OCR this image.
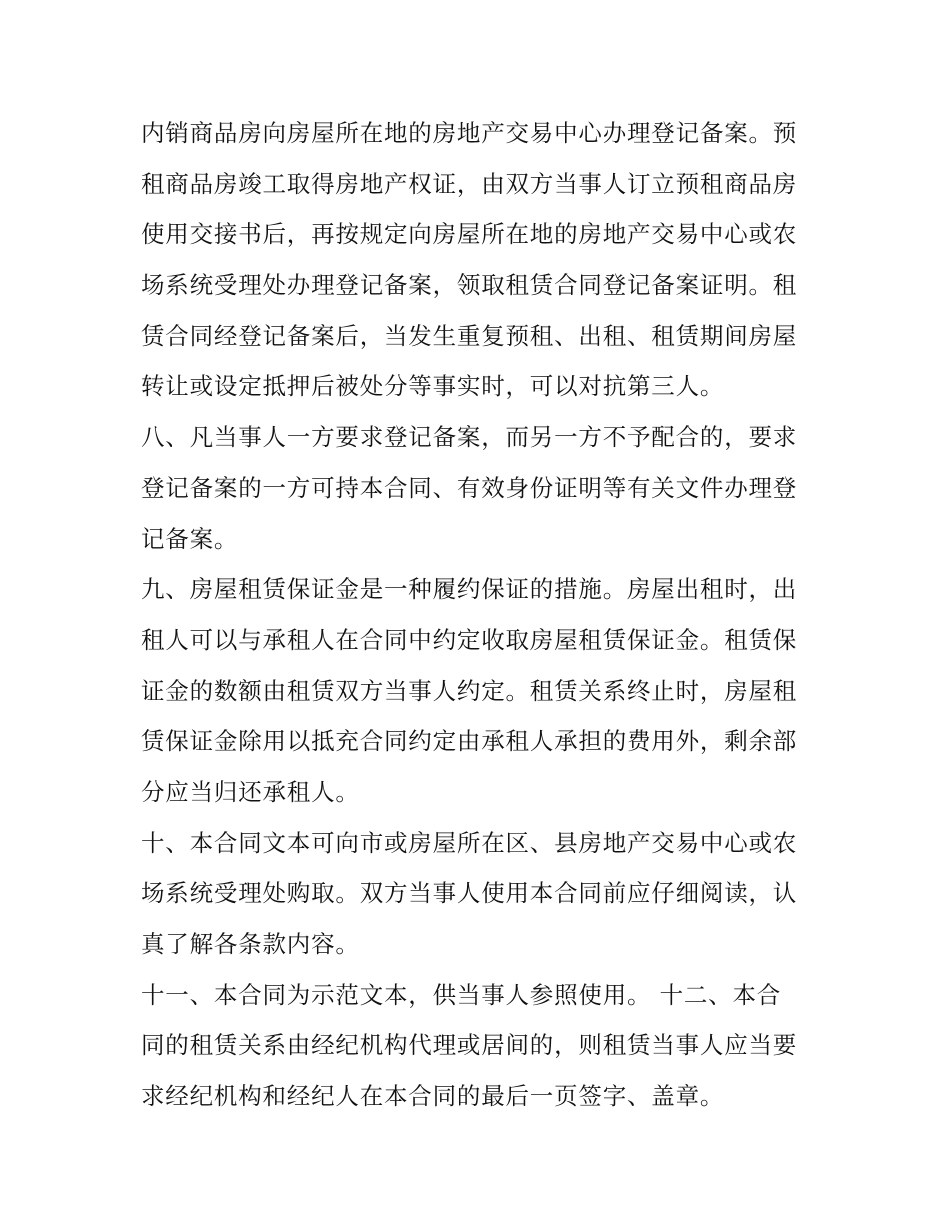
内销商品房向房屋所在地的房地产交易中心办理登记备案。预
租商品房竣工取得房地产权证，由双方当事人订立预租商品房
使用交接书后，再按规定向房屋所在地的房地产交易中心或农
场系统受理处办理登记备案，领取租赁合同登记备案证明。租
赁合同经登记备案后，当发生重复预租、出租、租赁期间房屋
转让或设定抵押后被处分等事实时，可以对抗第三人。
八、凡当事人一方要求登记备案，而另一方不予配合的，要求
登记备案的一方可持本合同、有效身份证明等有关文件办理登
记备案。
九、房屋租赁保证金是一种履约保证的措施。房屋出租时，出
租人可以与承租人在合同中约定收取房屋租赁保证金。租赁保
证金的数额由租赁双方当事人约定。租赁关系终止时，房屋租
赁保证金除用以抵充合同约定由承租人承担的费用外，剩余部
分应当归还承租人。
十、本合同文本可向市或房屋所在区、县房地产交易中心或农
场系统受理处购取。双方当事人使用本合同前应仔细阅读，认
真了解各条款内容。
十一、本合同为示范文本，供当事人参照使用。 十二、本合
同的租赁关系由经纪机构代理或居间的，则租赁当事人应当要
求经纪机构和经纪人在本合同的最后一页签字、盖章。
